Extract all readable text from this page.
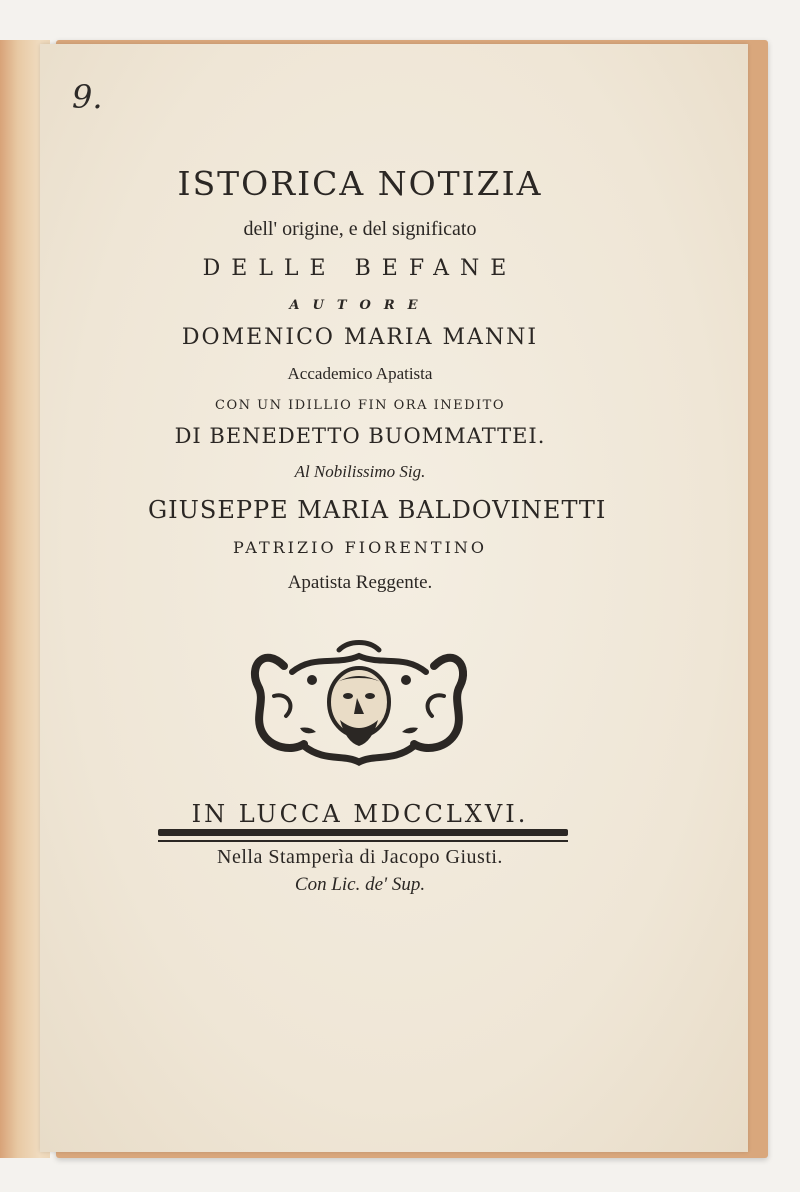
9.
ISTORICA NOTIZIA
dell' origine, e del significato
DELLE BEFANE
AUTORE
DOMENICO MARIA MANNI
Accademico Apatista
CON UN IDILLIO FIN ORA INEDITO
DI BENEDETTO BUOMMATTEI.
Al Nobilissimo Sig.
GIUSEPPE MARIA BALDOVINETTI
PATRIZIO FIORENTINO
Apatista Reggente.
IN LUCCA MDCCLXVI.
Nella Stamperìa di Jacopo Giusti.
Con Lic. de' Sup.
